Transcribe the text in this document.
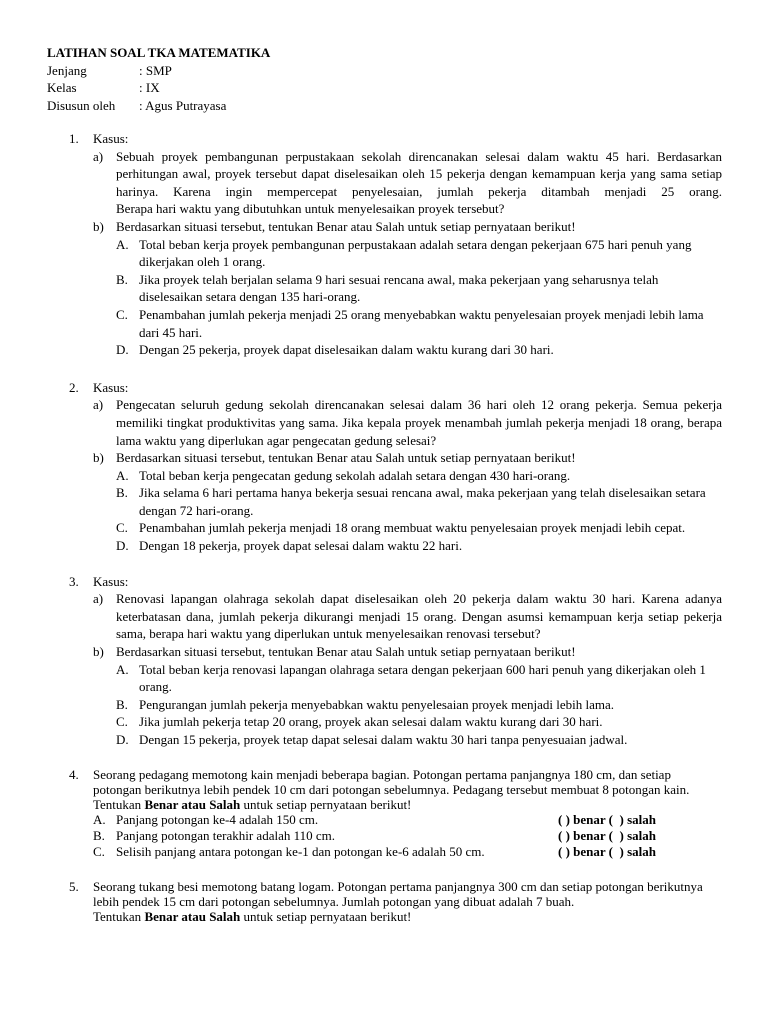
LATIHAN SOAL TKA MATEMATIKA
Jenjang	: SMP
Kelas	: IX
Disusun oleh	: Agus Putrayasa
1. Kasus:
a) Sebuah proyek pembangunan perpustakaan sekolah direncanakan selesai dalam waktu 45 hari. Berdasarkan perhitungan awal, proyek tersebut dapat diselesaikan oleh 15 pekerja dengan kemampuan kerja yang sama setiap harinya. Karena ingin mempercepat penyelesaian, jumlah pekerja ditambah menjadi 25 orang.
Berapa hari waktu yang dibutuhkan untuk menyelesaikan proyek tersebut?
b) Berdasarkan situasi tersebut, tentukan Benar atau Salah untuk setiap pernyataan berikut!
A. Total beban kerja proyek pembangunan perpustakaan adalah setara dengan pekerjaan 675 hari penuh yang dikerjakan oleh 1 orang.
B. Jika proyek telah berjalan selama 9 hari sesuai rencana awal, maka pekerjaan yang seharusnya telah diselesaikan setara dengan 135 hari-orang.
C. Penambahan jumlah pekerja menjadi 25 orang menyebabkan waktu penyelesaian proyek menjadi lebih lama dari 45 hari.
D. Dengan 25 pekerja, proyek dapat diselesaikan dalam waktu kurang dari 30 hari.
2. Kasus:
a) Pengecatan seluruh gedung sekolah direncanakan selesai dalam 36 hari oleh 12 orang pekerja. Semua pekerja memiliki tingkat produktivitas yang sama. Jika kepala proyek menambah jumlah pekerja menjadi 18 orang, berapa lama waktu yang diperlukan agar pengecatan gedung selesai?
b) Berdasarkan situasi tersebut, tentukan Benar atau Salah untuk setiap pernyataan berikut!
A. Total beban kerja pengecatan gedung sekolah adalah setara dengan 430 hari-orang.
B. Jika selama 6 hari pertama hanya bekerja sesuai rencana awal, maka pekerjaan yang telah diselesaikan setara dengan 72 hari-orang.
C. Penambahan jumlah pekerja menjadi 18 orang membuat waktu penyelesaian proyek menjadi lebih cepat.
D. Dengan 18 pekerja, proyek dapat selesai dalam waktu 22 hari.
3. Kasus:
a) Renovasi lapangan olahraga sekolah dapat diselesaikan oleh 20 pekerja dalam waktu 30 hari. Karena adanya keterbatasan dana, jumlah pekerja dikurangi menjadi 15 orang. Dengan asumsi kemampuan kerja setiap pekerja sama, berapa hari waktu yang diperlukan untuk menyelesaikan renovasi tersebut?
b) Berdasarkan situasi tersebut, tentukan Benar atau Salah untuk setiap pernyataan berikut!
A. Total beban kerja renovasi lapangan olahraga setara dengan pekerjaan 600 hari penuh yang dikerjakan oleh 1 orang.
B. Pengurangan jumlah pekerja menyebabkan waktu penyelesaian proyek menjadi lebih lama.
C. Jika jumlah pekerja tetap 20 orang, proyek akan selesai dalam waktu kurang dari 30 hari.
D. Dengan 15 pekerja, proyek tetap dapat selesai dalam waktu 30 hari tanpa penyesuaian jadwal.
4. Seorang pedagang memotong kain menjadi beberapa bagian. Potongan pertama panjangnya 180 cm, dan setiap potongan berikutnya lebih pendek 10 cm dari potongan sebelumnya. Pedagang tersebut membuat 8 potongan kain.
Tentukan Benar atau Salah untuk setiap pernyataan berikut!
A. Panjang potongan ke-4 adalah 150 cm.	( ) benar (  ) salah
B. Panjang potongan terakhir adalah 110 cm.	( ) benar (  ) salah
C. Selisih panjang antara potongan ke-1 dan potongan ke-6 adalah 50 cm.	( ) benar (  ) salah
5. Seorang tukang besi memotong batang logam. Potongan pertama panjangnya 300 cm dan setiap potongan berikutnya lebih pendek 15 cm dari potongan sebelumnya. Jumlah potongan yang dibuat adalah 7 buah.
Tentukan Benar atau Salah untuk setiap pernyataan berikut!
